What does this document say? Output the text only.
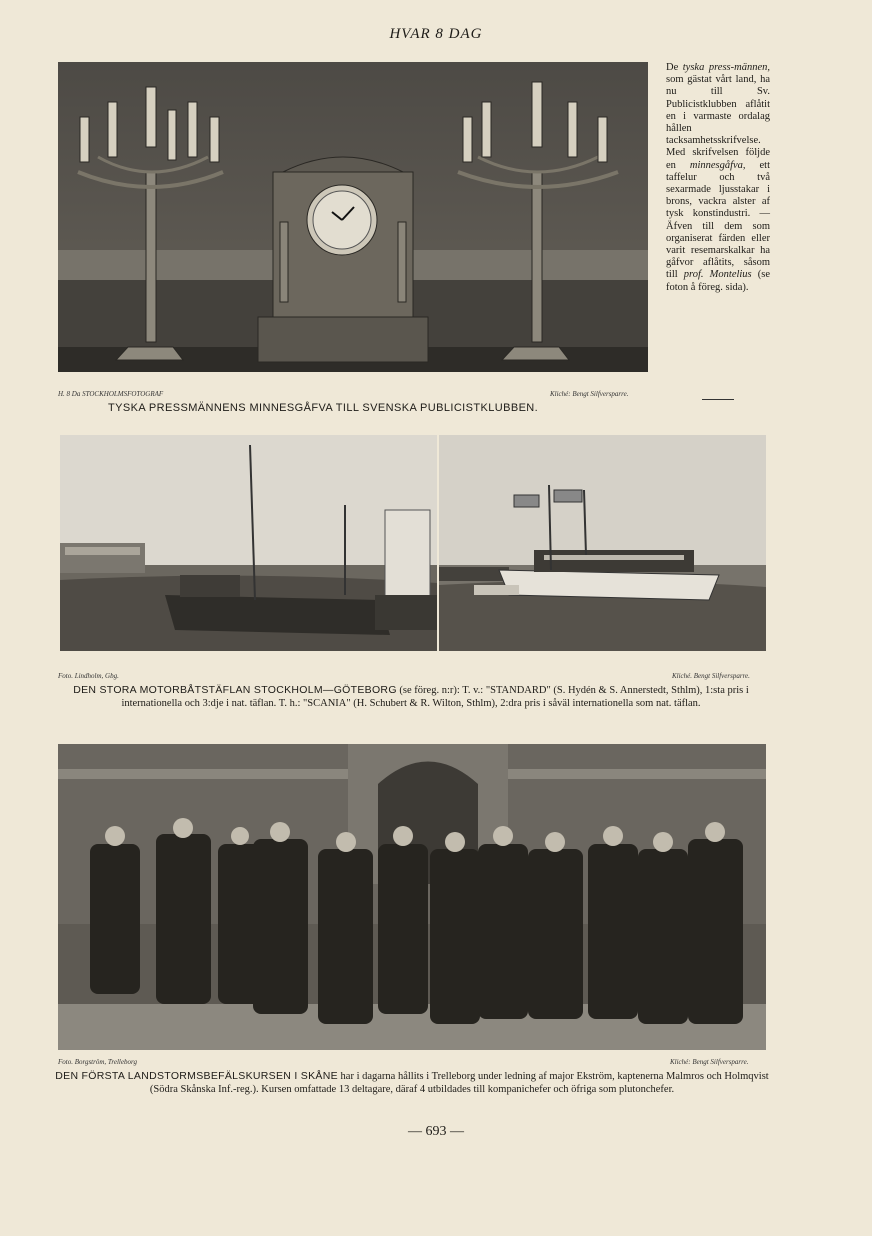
HVAR 8 DAG
De tyska press-männen, som gästat vårt land, ha nu till Sv. Publicistklubben aflåtit en i varmaste ordalag hållen tacksamhetsskrifvelse. Med skrifvelsen följde en minnesgåfva, ett taffelur och två sexarmade ljusstakar i brons, vackra alster af tysk konstindustri. — Äfven till dem som organiserat färden eller varit resemarskalkar ha gåfvor aflåtits, såsom till prof. Montelius (se foton å föreg. sida).
H. 8 Da STOCKHOLMSFOTOGRAF	Kliché: Bengt Silfversparre.
TYSKA PRESSMÄNNENS MINNESGÅFVA TILL SVENSKA PUBLICISTKLUBBEN.
Foto. Lindholm, Gbg.	Kliché. Bengt Silfversparre.
DEN STORA MOTORBÅTSTÄFLAN STOCKHOLM—GÖTEBORG (se föreg. n:r): T. v.: "STANDARD" (S. Hydén & S. Annerstedt, Sthlm), 1:sta pris i internationella och 3:dje i nat. täflan. T. h.: "SCANIA" (H. Schubert & R. Wilton, Sthlm), 2:dra pris i såväl internationella som nat. täflan.
Foto. Borgström, Trelleborg	Kliché: Bengt Silfversparre.
DEN FÖRSTA LANDSTORMSBEFÄLSKURSEN I SKÅNE har i dagarna hållits i Trelleborg under ledning af major Ekström, kaptenerna Malmros och Holmqvist (Södra Skånska Inf.-reg.). Kursen omfattade 13 deltagare, däraf 4 utbildades till kompanichefer och öfriga som plutonchefer.
— 693 —
